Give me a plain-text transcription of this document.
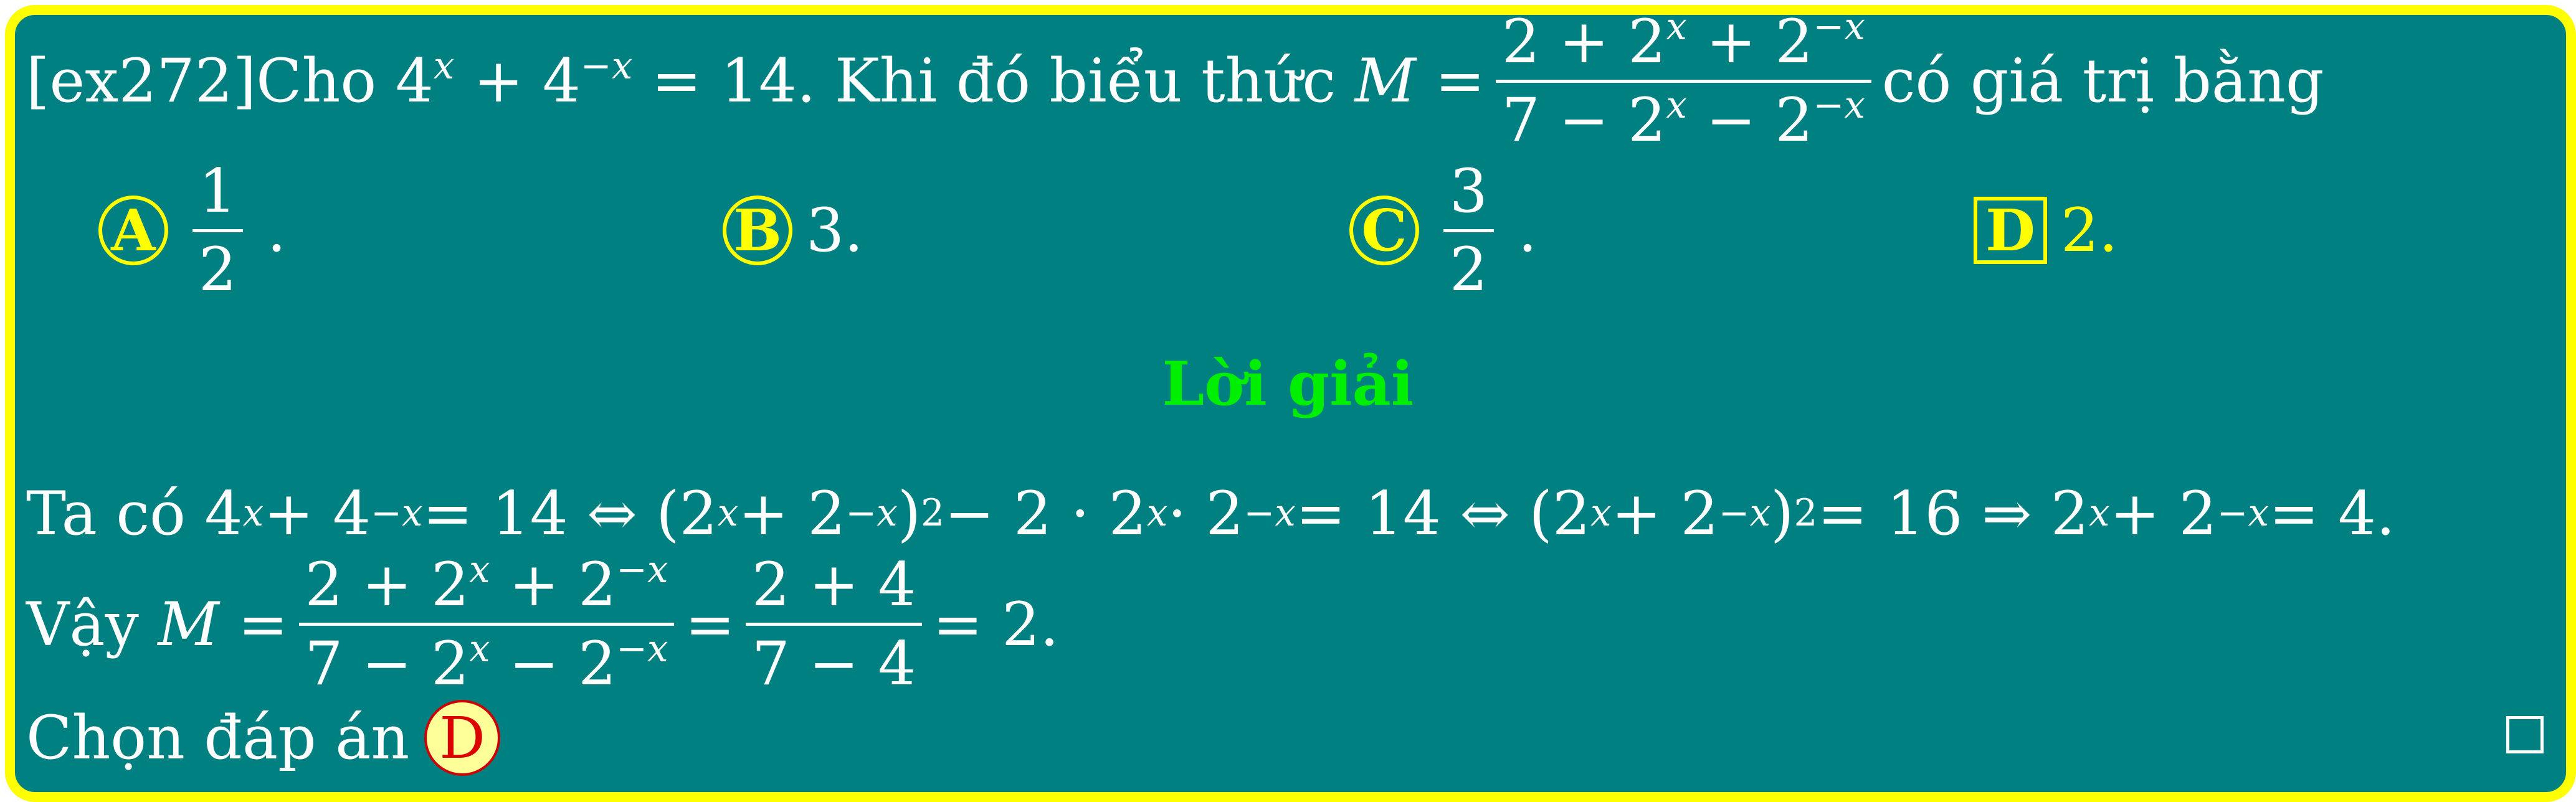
[ex272] Cho
$4^x + 4^{-x} = 14$ . Khi đó biểu thức
M =
$2 + 2^x + 2^{-x}$
$7 - 2^x - 2^{-x}$ có giá trị bằng
A
1
2
.	B 3.	C
3
2
.	D 2.
Lời giải
Ta có 4 x + 4 −x = 14 ⇔ (2 x + 2 −x ) 2 − 2 · 2 x · 2 −x = 14 ⇔ (2 x + 2 −x ) 2 = 16 ⇒ 2 x + 2 −x = 4.
Vậy
M =
$2 + 2^x + 2^{-x}$
$7 - 2^x - 2^{-x}$ =
2 + 4
7 − 4
= 2.
Chọn đáp án D
